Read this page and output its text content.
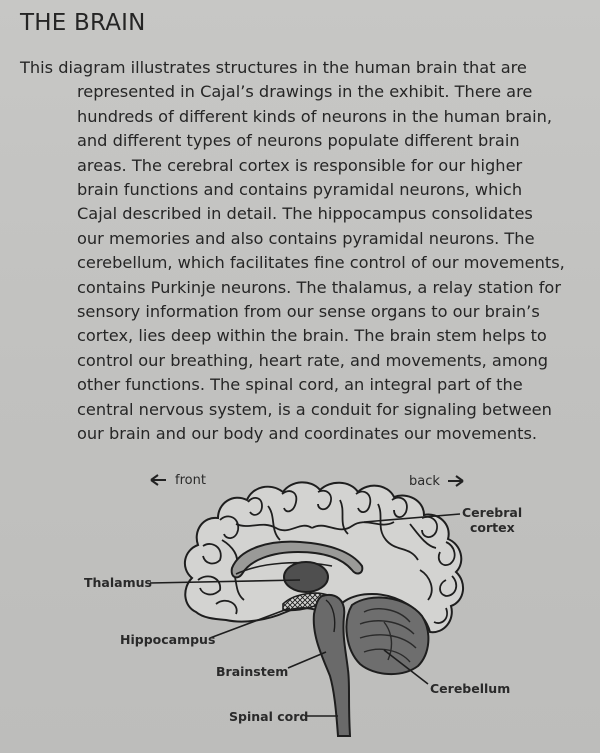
THE BRAIN

This diagram illustrates structures in the human brain that are
represented in Cajal’s drawings in the exhibit. There are
hundreds of different kinds of neurons in the human brain,
and different types of neurons populate different brain
areas. The cerebral cortex is responsible for our higher
brain functions and contains pyramidal neurons, which
Cajal described in detail. The hippocampus consolidates
our memories and also contains pyramidal neurons. The
cerebellum, which facilitates fine control of our movements,
contains Purkinje neurons. The thalamus, a relay station for
sensory information from our sense organs to our brain’s
cortex, lies deep within the brain. The brain stem helps to
control our breathing, heart rate, and movements, among
other functions. The spinal cord, an integral part of the
central nervous system, is a conduit for signaling between
our brain and our body and coordinates our movements.

front	back
Cerebral
cortex
Thalamus
Hippocampus
Brainstem
Cerebellum
Spinal cord
